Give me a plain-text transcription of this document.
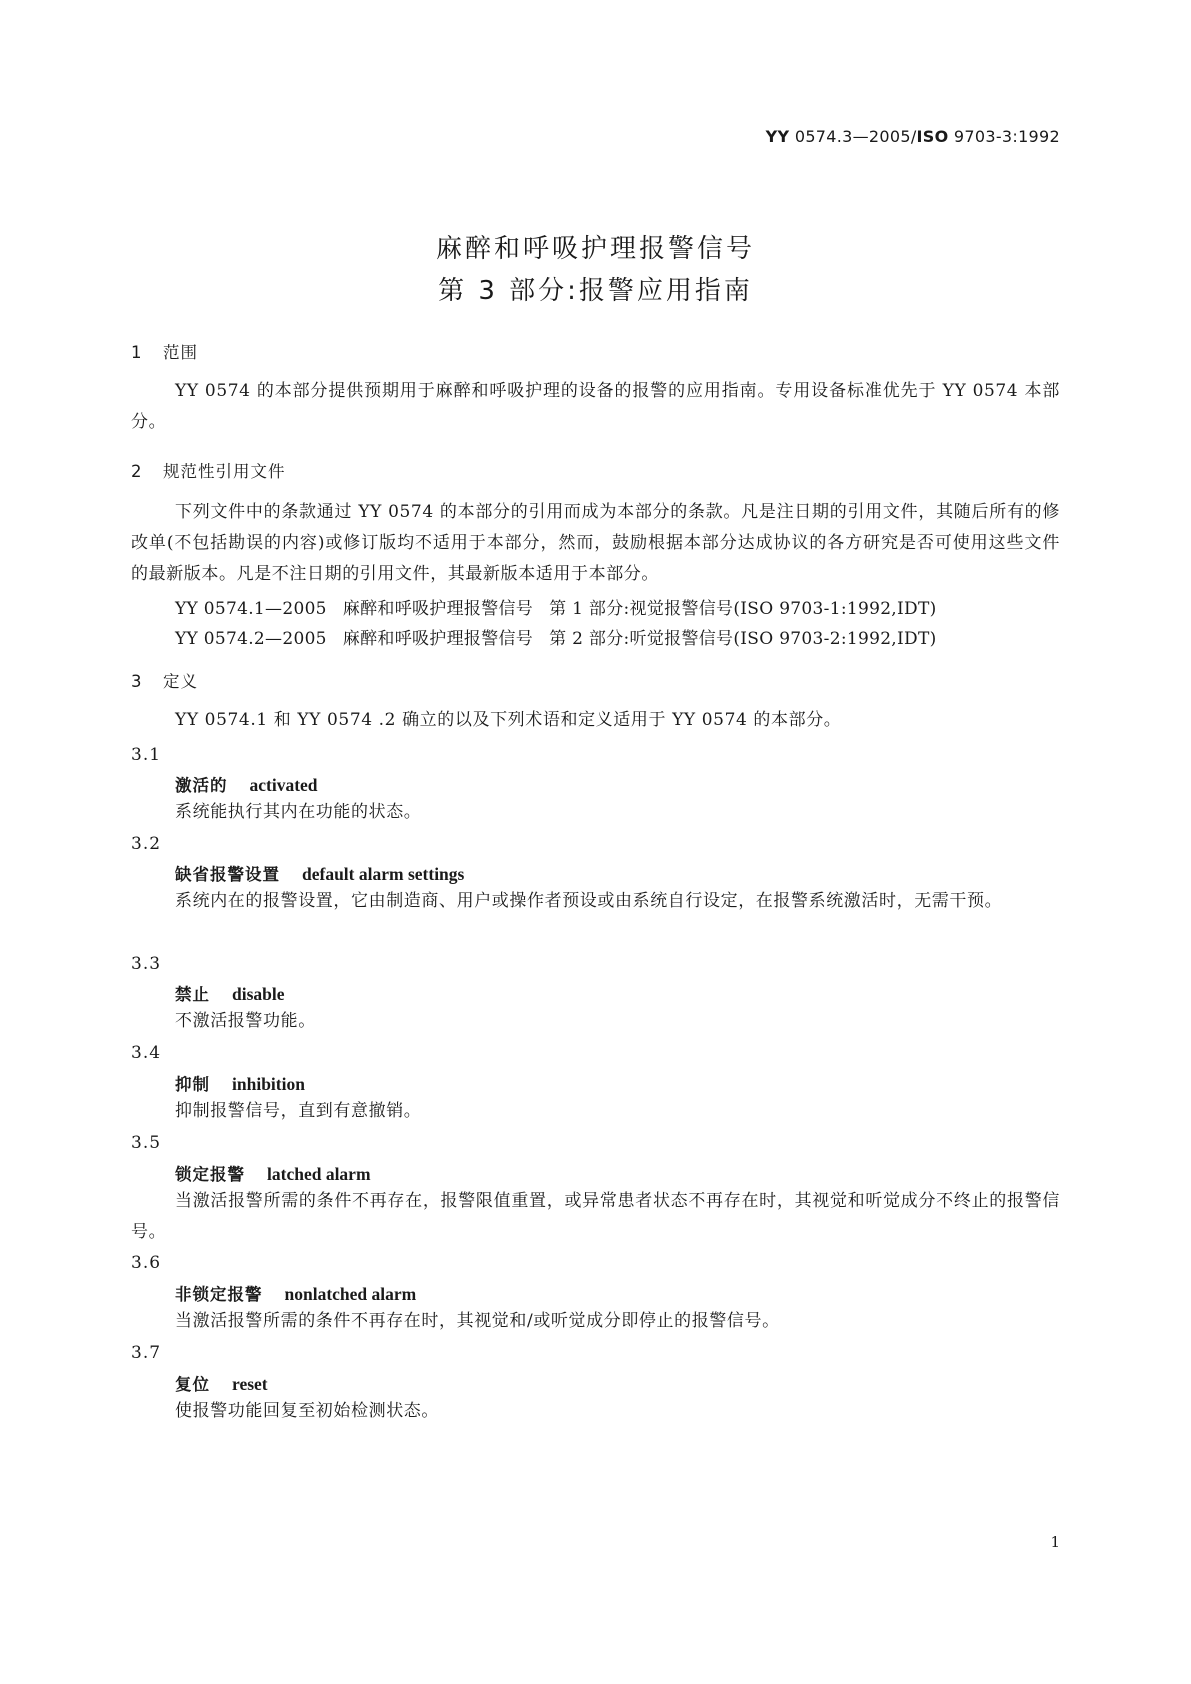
YY 0574.3—2005/ISO 9703-3:1992
麻醉和呼吸护理报警信号
第 3 部分:报警应用指南
1 范围
YY 0574 的本部分提供预期用于麻醉和呼吸护理的设备的报警的应用指南。专用设备标准优先于 YY 0574 本部分。
2 规范性引用文件
下列文件中的条款通过 YY 0574 的本部分的引用而成为本部分的条款。凡是注日期的引用文件，其随后所有的修改单(不包括勘误的内容)或修订版均不适用于本部分，然而，鼓励根据本部分达成协议的各方研究是否可使用这些文件的最新版本。凡是不注日期的引用文件，其最新版本适用于本部分。
YY 0574.1—2005 麻醉和呼吸护理报警信号 第 1 部分:视觉报警信号(ISO 9703-1:1992,IDT)
YY 0574.2—2005 麻醉和呼吸护理报警信号 第 2 部分:听觉报警信号(ISO 9703-2:1992,IDT)
3 定义
YY 0574.1 和 YY 0574 .2 确立的以及下列术语和定义适用于 YY 0574 的本部分。
3.1
激活的 activated
系统能执行其内在功能的状态。
3.2
缺省报警设置 default alarm settings
系统内在的报警设置，它由制造商、用户或操作者预设或由系统自行设定，在报警系统激活时，无需干预。
3.3
禁止 disable
不激活报警功能。
3.4
抑制 inhibition
抑制报警信号，直到有意撤销。
3.5
锁定报警 latched alarm
当激活报警所需的条件不再存在，报警限值重置，或异常患者状态不再存在时，其视觉和听觉成分不终止的报警信号。
3.6
非锁定报警 nonlatched alarm
当激活报警所需的条件不再存在时，其视觉和/或听觉成分即停止的报警信号。
3.7
复位 reset
使报警功能回复至初始检测状态。
1
